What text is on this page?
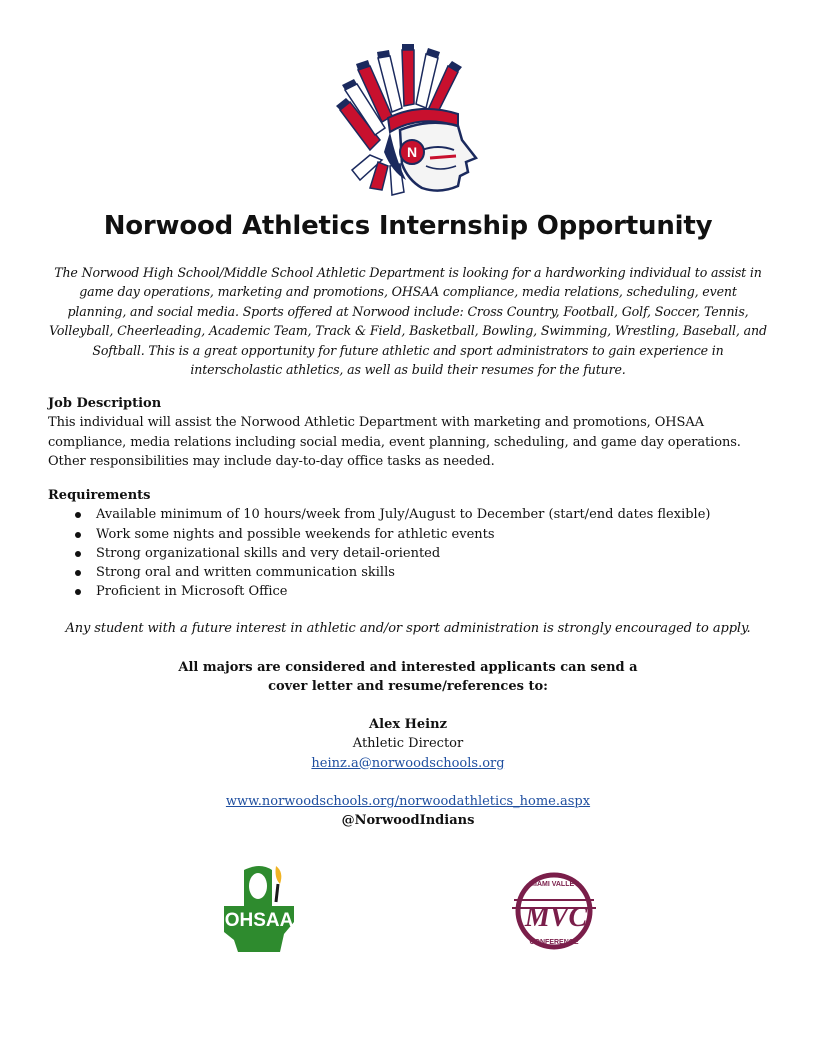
N
Norwood Athletics Internship Opportunity

The Norwood High School/Middle School Athletic Department is looking for a hardworking individual to assist in game day operations, marketing and promotions, OHSAA compliance, media relations, scheduling, event planning, and social media. Sports offered at Norwood include: Cross Country, Football, Golf, Soccer, Tennis, Volleyball, Cheerleading, Academic Team, Track & Field, Basketball, Bowling, Swimming, Wrestling, Baseball, and Softball. This is a great opportunity for future athletic and sport administrators to gain experience in interscholastic athletics, as well as build their resumes for the future.

Job Description

This individual will assist the Norwood Athletic Department with marketing and promotions, OHSAA compliance, media relations including social media, event planning, scheduling, and game day operations. Other responsibilities may include day-to-day office tasks as needed.

Requirements

Available minimum of 10 hours/week from July/August to December (start/end dates flexible)
Work some nights and possible weekends for athletic events
Strong organizational skills and very detail-oriented
Strong oral and written communication skills
Proficient in Microsoft Office

Any student with a future interest in athletic and/or sport administration is strongly encouraged to apply.

All majors are considered and interested applicants can send a

cover letter and resume/references to:

Alex Heinz

Athletic Director

heinz.a@norwoodschools.org

www.norwoodschools.org/norwoodathletics_home.aspx

@NorwoodIndians

OHSAA
MIAMI VALLEY
MVC
CONFERENCE
